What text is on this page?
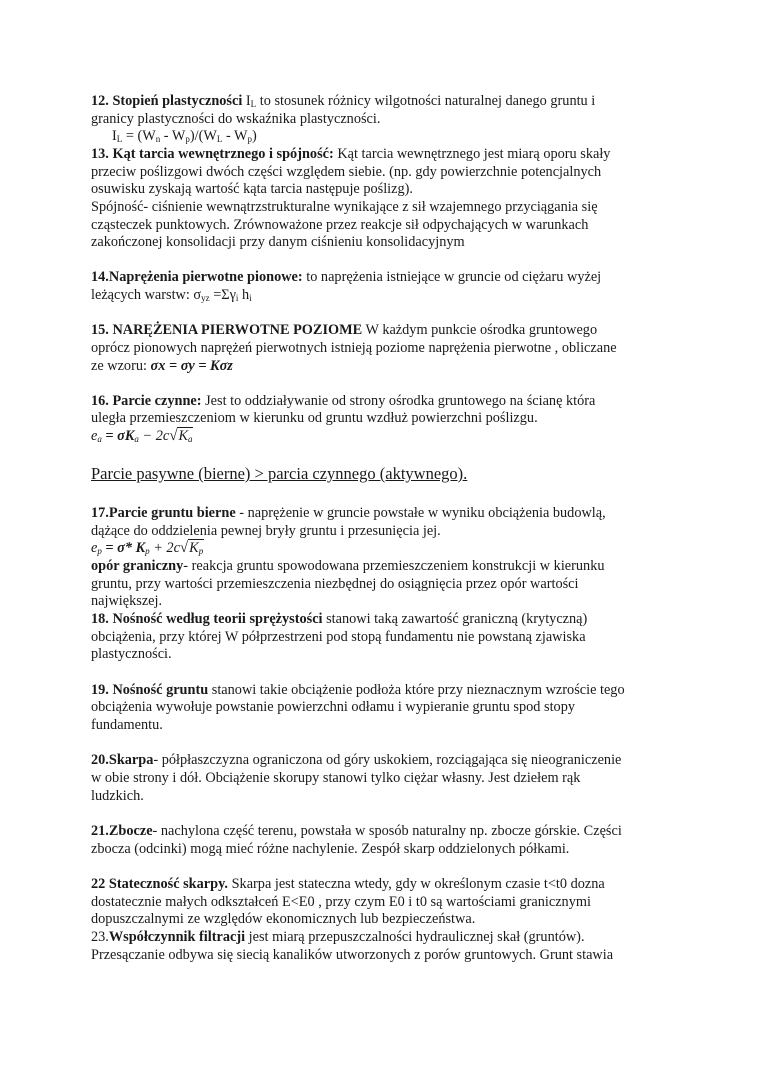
12. Stopień plastyczności $I_L$ to stosunek różnicy wilgotności naturalnej danego gruntu i
granicy plastyczności do wskaźnika plastyczności.
$I_L = (W_n - W_p)/(W_L - W_p)$
13. Kąt tarcia wewnętrznego i spójność: Kąt tarcia wewnętrznego jest miarą oporu skały
przeciw poślizgowi dwóch części względem siebie. (np. gdy powierzchnie potencjalnych
osuwisku zyskają wartość kąta tarcia następuje poślizg).
Spójność- ciśnienie wewnątrzstrukturalne wynikające z sił wzajemnego przyciągania się
cząsteczek punktowych. Zrównoważone przez reakcje sił odpychających w warunkach
zakończonej konsolidacji przy danym ciśnieniu konsolidacyjnym
14.Naprężenia pierwotne pionowe: to naprężenia istniejące w gruncie od ciężaru wyżej
leżących warstw: $\sigma_{yz} =\Sigma\gamma_i$ $h_i$
15. NARĘŻENIA PIERWOTNE POZIOME W każdym punkcie ośrodka gruntowego
oprócz pionowych naprężeń pierwotnych istnieją poziome naprężenia pierwotne , obliczane
ze wzoru: σx = σy = Kσz
16. Parcie czynne: Jest to oddziaływanie od strony ośrodka gruntowego na ścianę która
uległa przemieszczeniom w kierunku od gruntu wzdłuż powierzchni poślizgu.
$e_a = \sigma K_a - 2c√K_a$
Parcie pasywne (bierne) > parcia czynnego (aktywnego).
17.Parcie gruntu bierne - naprężenie w gruncie powstałe w wyniku obciążenia budowlą,
dążące do oddzielenia pewnej bryły gruntu i przesunięcia jej.
$e_p = \sigma*$ $K_p + 2c√K_p$
opór graniczny- reakcja gruntu spowodowana przemieszczeniem konstrukcji w kierunku
gruntu, przy wartości przemieszczenia niezbędnej do osiągnięcia przez opór wartości
największej.
18. Nośność według teorii sprężystości stanowi taką zawartość graniczną (krytyczną)
obciążenia, przy której W półprzestrzeni pod stopą fundamentu nie powstaną zjawiska
plastyczności.
19. Nośność gruntu stanowi takie obciążenie podłoża które przy nieznacznym wzroście tego
obciążenia wywołuje powstanie powierzchni odłamu i wypieranie gruntu spod stopy
fundamentu.
20.Skarpa- półpłaszczyzna ograniczona od góry uskokiem, rozciągająca się nieograniczenie
w obie strony i dół. Obciążenie skorupy stanowi tylko ciężar własny. Jest dziełem rąk
ludzkich.
21.Zbocze- nachylona część terenu, powstała w sposób naturalny np. zbocze górskie. Części
zbocza (odcinki) mogą mieć różne nachylenie. Zespół skarp oddzielonych półkami.
22 Stateczność skarpy. Skarpa jest stateczna wtedy, gdy w określonym czasie t<t0 dozna
dostatecznie małych odkształceń E<E0 , przy czym E0 i t0 są wartościami granicznymi
dopuszczalnymi ze względów ekonomicznych lub bezpieczeństwa.
23.Współczynnik filtracji jest miarą przepuszczalności hydraulicznej skał (gruntów).
Przesączanie odbywa się siecią kanalików utworzonych z porów gruntowych. Grunt stawia
